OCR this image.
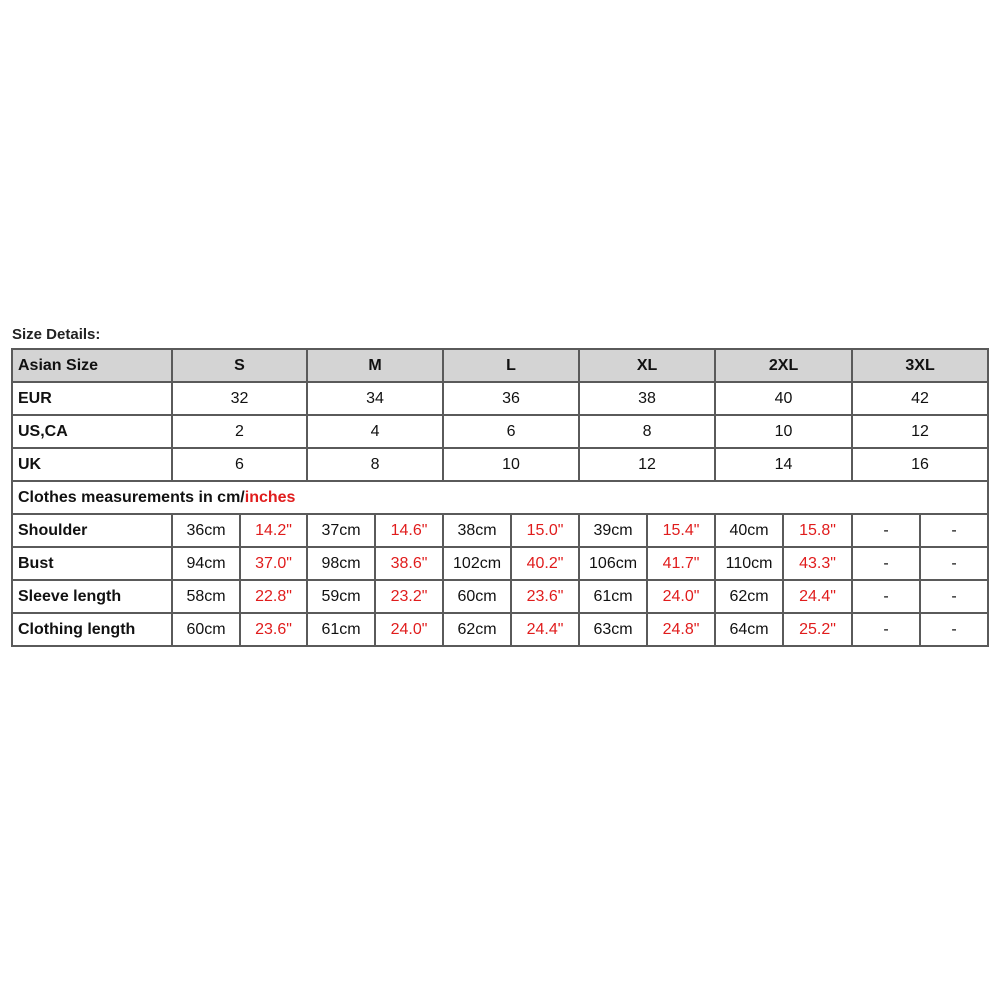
Size Details:
Asian Size	S		M		L		XL		2XL		3XL	
EUR	32		34		36		38		40		42	
US,CA	2		4		6		8		10		12	
UK	6		8		10		12		14		16	
Clothes measurements in cm/inches												
Shoulder	36cm	14.2"	37cm	14.6"	38cm	15.0"	39cm	15.4"	40cm	15.8"	-	-
Bust	94cm	37.0"	98cm	38.6"	102cm	40.2"	106cm	41.7"	110cm	43.3"	-	-
Sleeve length	58cm	22.8"	59cm	23.2"	60cm	23.6"	61cm	24.0"	62cm	24.4"	-	-
Clothing length	60cm	23.6"	61cm	24.0"	62cm	24.4"	63cm	24.8"	64cm	25.2"	-	-
